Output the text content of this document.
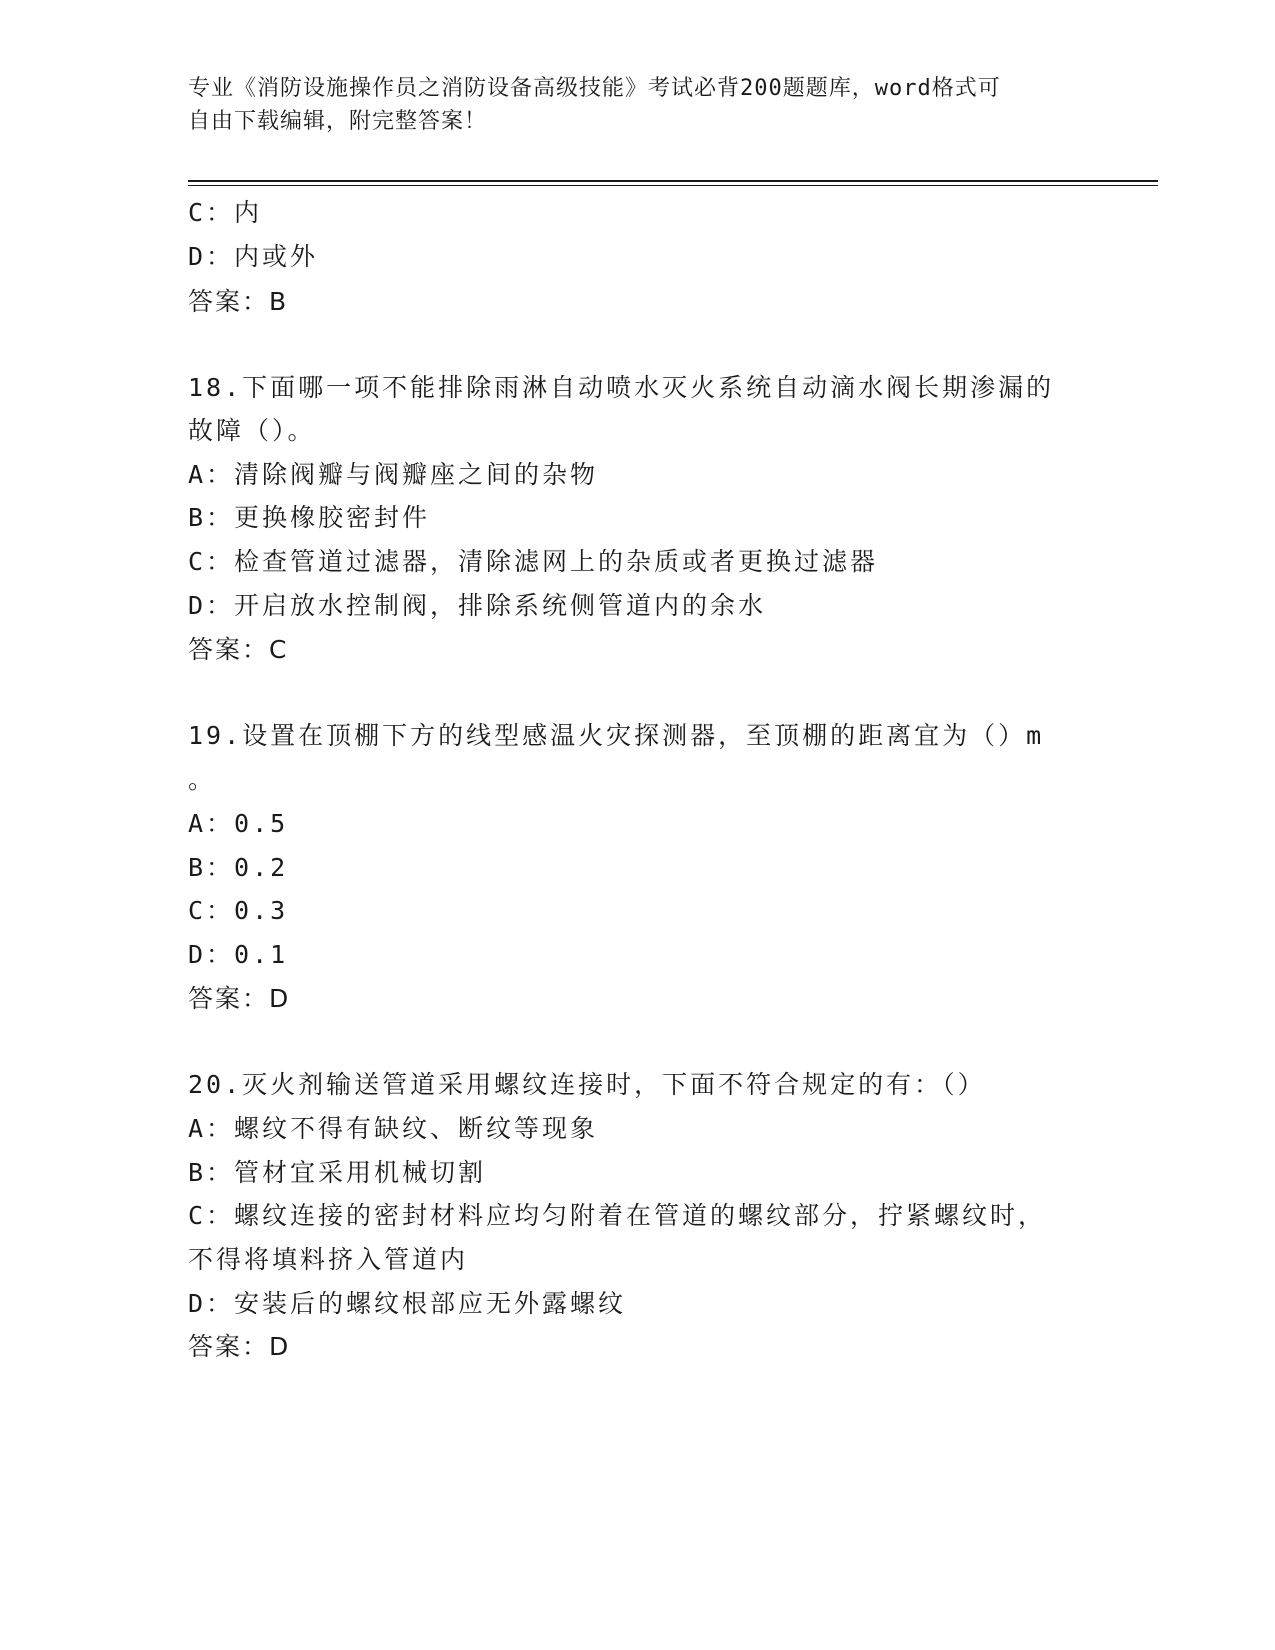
专业《消防设施操作员之消防设备高级技能》考试必背200题题库，word格式可
自由下载编辑，附完整答案！
C：内
D：内或外
答案：B
18.下面哪一项不能排除雨淋自动喷水灭火系统自动滴水阀长期渗漏的
故障（）。
A：清除阀瓣与阀瓣座之间的杂物
B：更换橡胶密封件
C：检查管道过滤器，清除滤网上的杂质或者更换过滤器
D：开启放水控制阀，排除系统侧管道内的余水
答案：C
19.设置在顶棚下方的线型感温火灾探测器，至顶棚的距离宜为（）m
。
A：0.5
B：0.2
C：0.3
D：0.1
答案：D
20.灭火剂输送管道采用螺纹连接时，下面不符合规定的有：（）
A：螺纹不得有缺纹、断纹等现象
B：管材宜采用机械切割
C：螺纹连接的密封材料应均匀附着在管道的螺纹部分，拧紧螺纹时，
不得将填料挤入管道内
D：安装后的螺纹根部应无外露螺纹
答案：D
